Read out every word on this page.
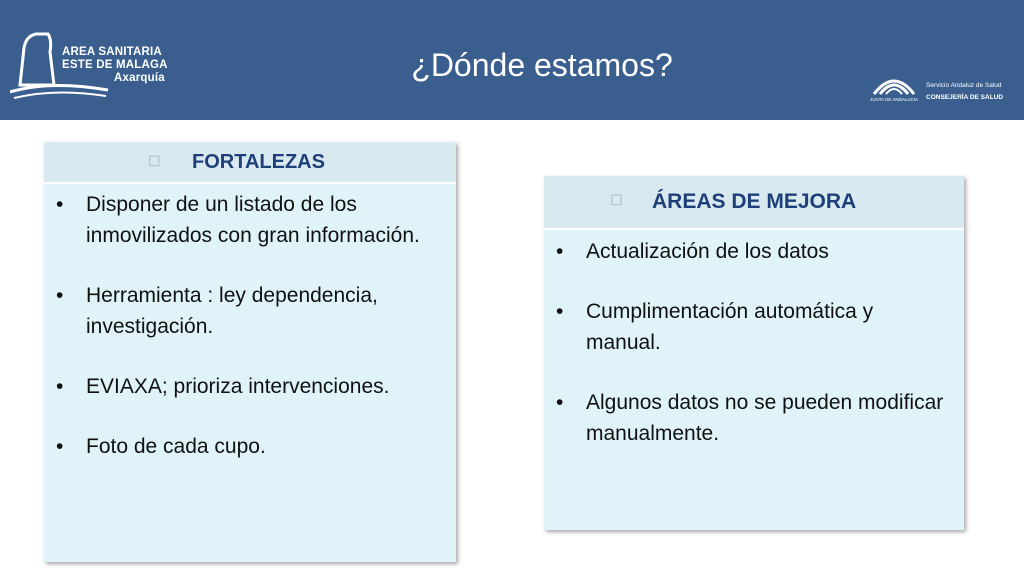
AREA SANITARIA
ESTE DE MALAGA

Axarquía	¿Dónde estamos?
JUNTA DE ANDALUCIA
Servicio Andaluz de Salud
CONSEJERÍA DE SALUD
☐ FORTALEZAS
• Disponer de un listado de los inmovilizados con gran información.
• Herramienta : ley dependencia, investigación.
• EVIAXA; prioriza intervenciones.
• Foto de cada cupo.
☐ ÁREAS DE MEJORA
• Actualización de los datos
• Cumplimentación automática y manual.
• Algunos datos no se pueden modificar manualmente.
